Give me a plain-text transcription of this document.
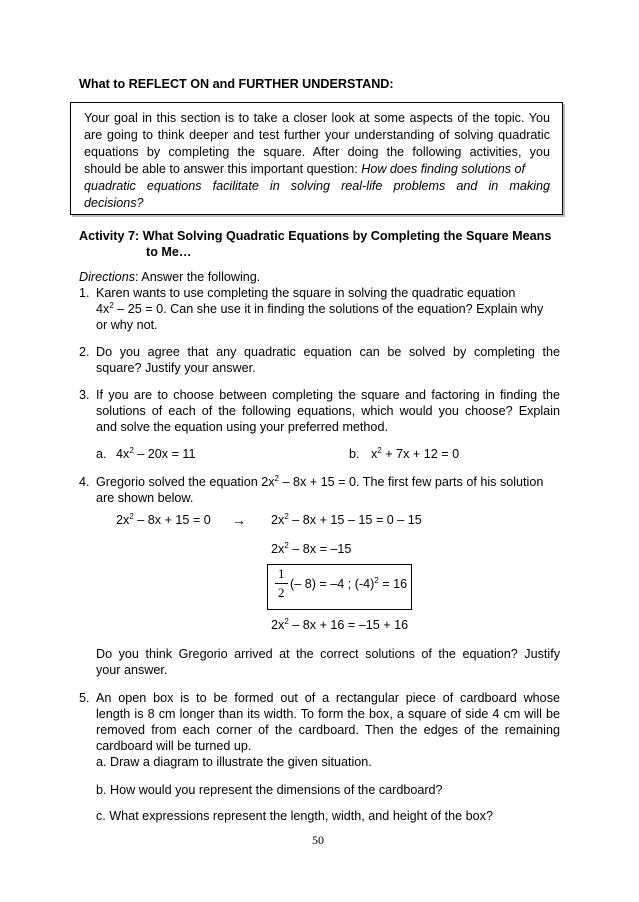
What to REFLECT ON and FURTHER UNDERSTAND:
Your goal in this section is to take a closer look at some aspects of the topic. You
are going to think deeper and test further your understanding of solving quadratic
equations by completing the square. After doing the following activities, you
should be able to answer this important question: How does finding solutions of
quadratic equations facilitate in solving real-life problems and in making
decisions?
Activity 7: What Solving Quadratic Equations by Completing the Square Means
to Me…
Directions: Answer the following.
1. Karen wants to use completing the square in solving the quadratic equation
$4x^2 - 25 = 0$. Can she use it in finding the solutions of the equation? Explain why
or why not.
2. Do you agree that any quadratic equation can be solved by completing the
square? Justify your answer.
3. If you are to choose between completing the square and factoring in finding the
solutions of each of the following equations, which would you choose? Explain
and solve the equation using your preferred method.
a. $4x^2 - 20x = 11$	b. $x^2 + 7x + 12 = 0$
4. Gregorio solved the equation $2x^2 - 8x + 15 = 0$. The first few parts of his solution
are shown below.
$2x^2 - 8x + 15 = 0 \to 2x^2 - 8x + 15 - 15 = 0 - 15$
$2x^2 - 8x = -15$
1
2
(– 8) = –4 ; $(-4)^2 = 16$
$2x^2 - 8x + 16 = -15 + 16$
Do you think Gregorio arrived at the correct solutions of the equation? Justify
your answer.
5. An open box is to be formed out of a rectangular piece of cardboard whose
length is 8 cm longer than its width. To form the box, a square of side 4 cm will be
removed from each corner of the cardboard. Then the edges of the remaining
cardboard will be turned up.
a. Draw a diagram to illustrate the given situation.
b. How would you represent the dimensions of the cardboard?
c. What expressions represent the length, width, and height of the box?
50
